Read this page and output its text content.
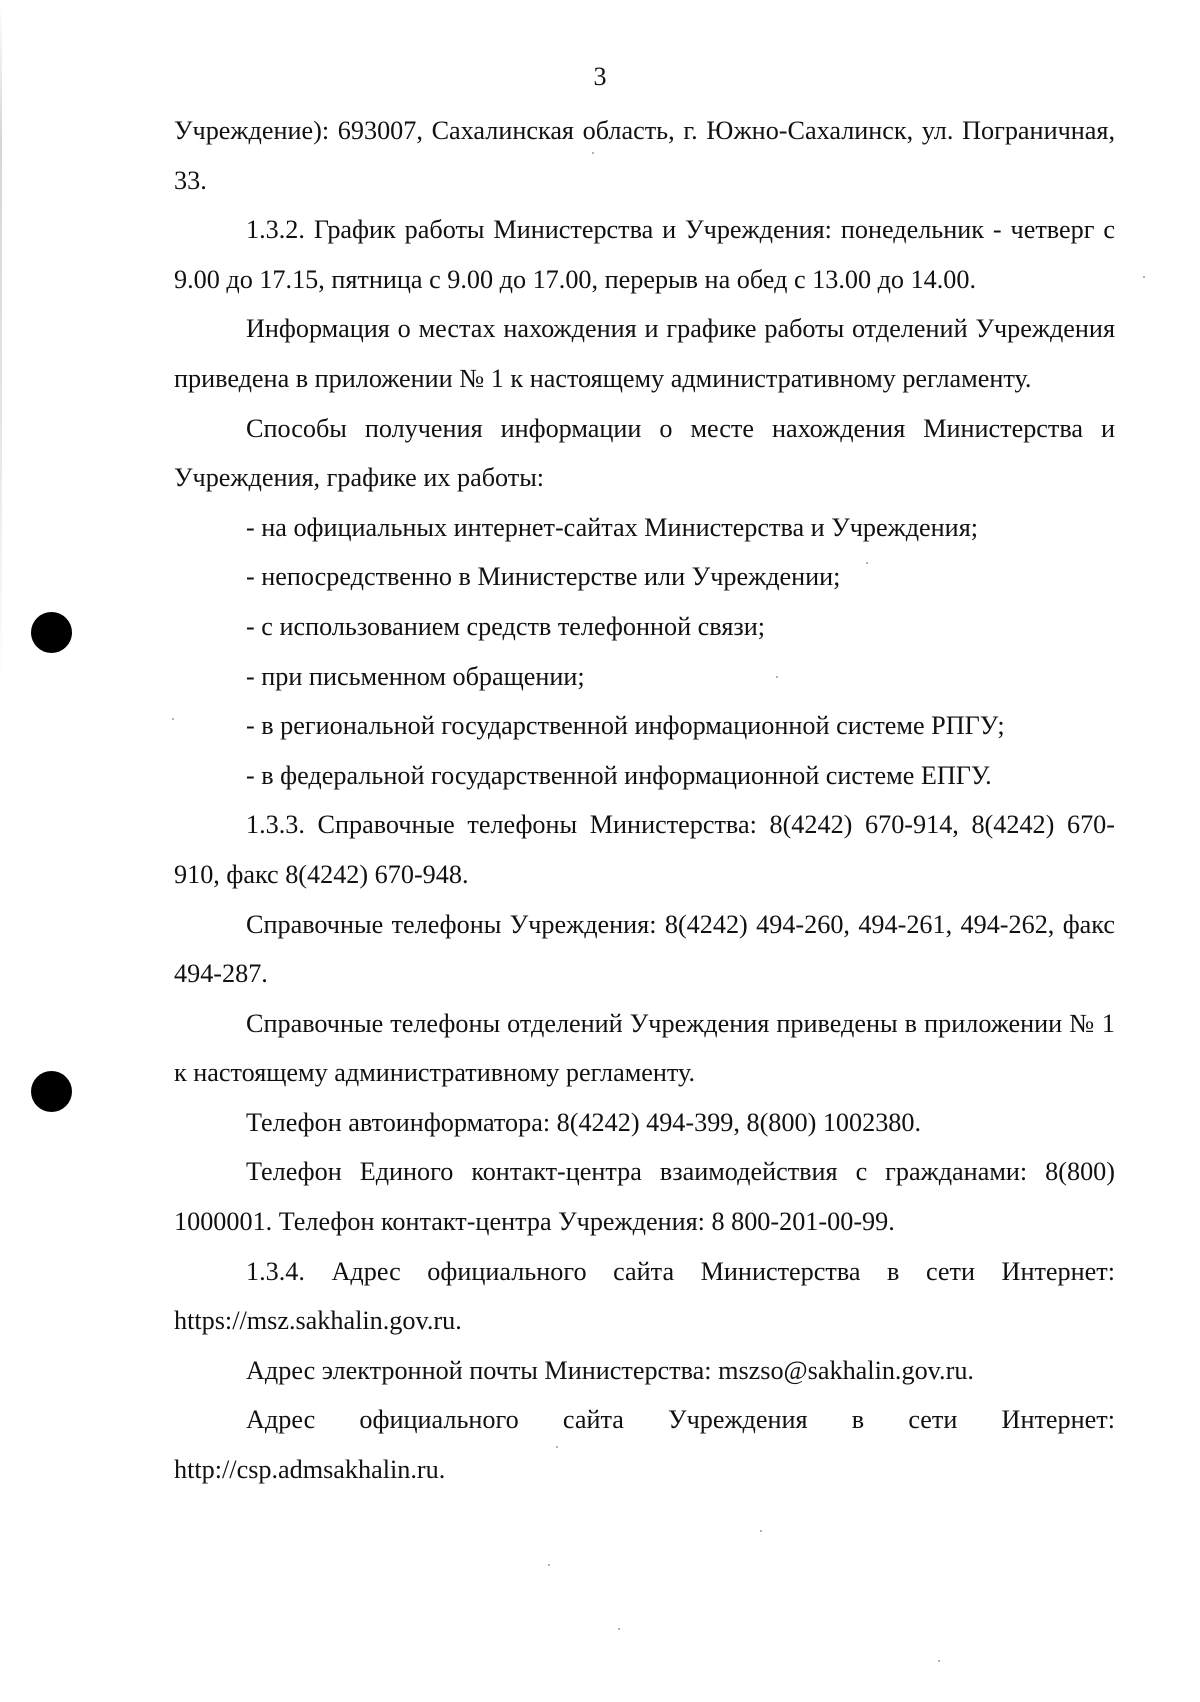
3

Учреждение): 693007, Сахалинская область, г. Южно-Сахалинск, ул. Пограничная, 33.

1.3.2. График работы Министерства и Учреждения: понедельник - четверг с 9.00 до 17.15, пятница с 9.00 до 17.00, перерыв на обед с 13.00 до 14.00.

Информация о местах нахождения и графике работы отделений Учреждения приведена в приложении № 1 к настоящему административному регламенту.

Способы получения информации о месте нахождения Министерства и Учреждения, графике их работы:

- на официальных интернет-сайтах Министерства и Учреждения;

- непосредственно в Министерстве или Учреждении;

- с использованием средств телефонной связи;

- при письменном обращении;

- в региональной государственной информационной системе РПГУ;

- в федеральной государственной информационной системе ЕПГУ.

1.3.3. Справочные телефоны Министерства: 8(4242) 670-914, 8(4242) 670-910, факс 8(4242) 670-948.

Справочные телефоны Учреждения: 8(4242) 494-260, 494-261, 494-262, факс 494-287.

Справочные телефоны отделений Учреждения приведены в приложении № 1 к настоящему административному регламенту.

Телефон автоинформатора: 8(4242) 494-399, 8(800) 1002380.

Телефон Единого контакт-центра взаимодействия с гражданами: 8(800) 1000001. Телефон контакт-центра Учреждения: 8 800-201-00-99.

1.3.4. Адрес официального сайта Министерства в сети Интернет: https://msz.sakhalin.gov.ru.

Адрес электронной почты Министерства: mszso@sakhalin.gov.ru.

Адрес официального сайта Учреждения в сети Интернет: http://csp.admsakhalin.ru.
